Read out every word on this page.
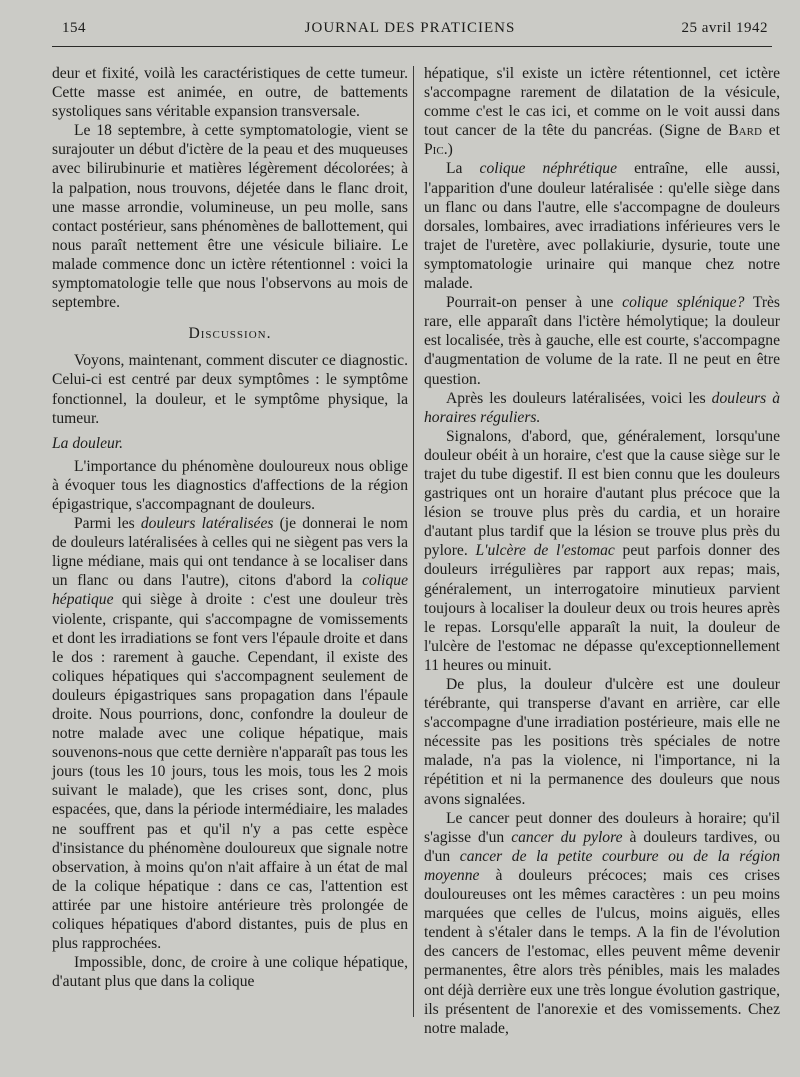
154	JOURNAL DES PRATICIENS	25 avril 1942

deur et fixité, voilà les caractéristiques de cette tumeur. Cette masse est animée, en outre, de battements systoliques sans véritable expansion transversale.

Le 18 septembre, à cette symptomatologie, vient se surajouter un début d'ictère de la peau et des muqueuses avec bilirubinurie et matières légèrement décolorées; à la palpation, nous trouvons, déjetée dans le flanc droit, une masse arrondie, volumineuse, un peu molle, sans contact postérieur, sans phénomènes de ballottement, qui nous paraît nettement être une vésicule biliaire. Le malade commence donc un ictère rétentionnel : voici la symptomatologie telle que nous l'observons au mois de septembre.

Discussion.

Voyons, maintenant, comment discuter ce diagnostic. Celui-ci est centré par deux symptômes : le symptôme fonctionnel, la douleur, et le symptôme physique, la tumeur.

La douleur.

L'importance du phénomène douloureux nous oblige à évoquer tous les diagnostics d'affections de la région épigastrique, s'accompagnant de douleurs.

Parmi les douleurs latéralisées (je donnerai le nom de douleurs latéralisées à celles qui ne siègent pas vers la ligne médiane, mais qui ont tendance à se localiser dans un flanc ou dans l'autre), citons d'abord la colique hépatique qui siège à droite : c'est une douleur très violente, crispante, qui s'accompagne de vomissements et dont les irradiations se font vers l'épaule droite et dans le dos : rarement à gauche. Cependant, il existe des coliques hépatiques qui s'accompagnent seulement de douleurs épigastriques sans propagation dans l'épaule droite. Nous pourrions, donc, confondre la douleur de notre malade avec une colique hépatique, mais souvenons-nous que cette dernière n'apparaît pas tous les jours (tous les 10 jours, tous les mois, tous les 2 mois suivant le malade), que les crises sont, donc, plus espacées, que, dans la période intermédiaire, les malades ne souffrent pas et qu'il n'y a pas cette espèce d'insistance du phénomène douloureux que signale notre observation, à moins qu'on n'ait affaire à un état de mal de la colique hépatique : dans ce cas, l'attention est attirée par une histoire antérieure très prolongée de coliques hépatiques d'abord distantes, puis de plus en plus rapprochées.

Impossible, donc, de croire à une colique hépatique, d'autant plus que dans la colique

hépatique, s'il existe un ictère rétentionnel, cet ictère s'accompagne rarement de dilatation de la vésicule, comme c'est le cas ici, et comme on le voit aussi dans tout cancer de la tête du pancréas. (Signe de Bard et Pic.)

La colique néphrétique entraîne, elle aussi, l'apparition d'une douleur latéralisée : qu'elle siège dans un flanc ou dans l'autre, elle s'accompagne de douleurs dorsales, lombaires, avec irradiations inférieures vers le trajet de l'uretère, avec pollakiurie, dysurie, toute une symptomatologie urinaire qui manque chez notre malade.

Pourrait-on penser à une colique splénique? Très rare, elle apparaît dans l'ictère hémolytique; la douleur est localisée, très à gauche, elle est courte, s'accompagne d'augmentation de volume de la rate. Il ne peut en être question.

Après les douleurs latéralisées, voici les douleurs à horaires réguliers.

Signalons, d'abord, que, généralement, lorsqu'une douleur obéit à un horaire, c'est que la cause siège sur le trajet du tube digestif. Il est bien connu que les douleurs gastriques ont un horaire d'autant plus précoce que la lésion se trouve plus près du cardia, et un horaire d'autant plus tardif que la lésion se trouve plus près du pylore. L'ulcère de l'estomac peut parfois donner des douleurs irrégulières par rapport aux repas; mais, généralement, un interrogatoire minutieux parvient toujours à localiser la douleur deux ou trois heures après le repas. Lorsqu'elle apparaît la nuit, la douleur de l'ulcère de l'estomac ne dépasse qu'exceptionnellement 11 heures ou minuit.

De plus, la douleur d'ulcère est une douleur térébrante, qui transperse d'avant en arrière, car elle s'accompagne d'une irradiation postérieure, mais elle ne nécessite pas les positions très spéciales de notre malade, n'a pas la violence, ni l'importance, ni la répétition et ni la permanence des douleurs que nous avons signalées.

Le cancer peut donner des douleurs à horaire; qu'il s'agisse d'un cancer du pylore à douleurs tardives, ou d'un cancer de la petite courbure ou de la région moyenne à douleurs précoces; mais ces crises douloureuses ont les mêmes caractères : un peu moins marquées que celles de l'ulcus, moins aiguës, elles tendent à s'étaler dans le temps. A la fin de l'évolution des cancers de l'estomac, elles peuvent même devenir permanentes, être alors très pénibles, mais les malades ont déjà derrière eux une très longue évolution gastrique, ils présentent de l'anorexie et des vomissements. Chez notre malade,
